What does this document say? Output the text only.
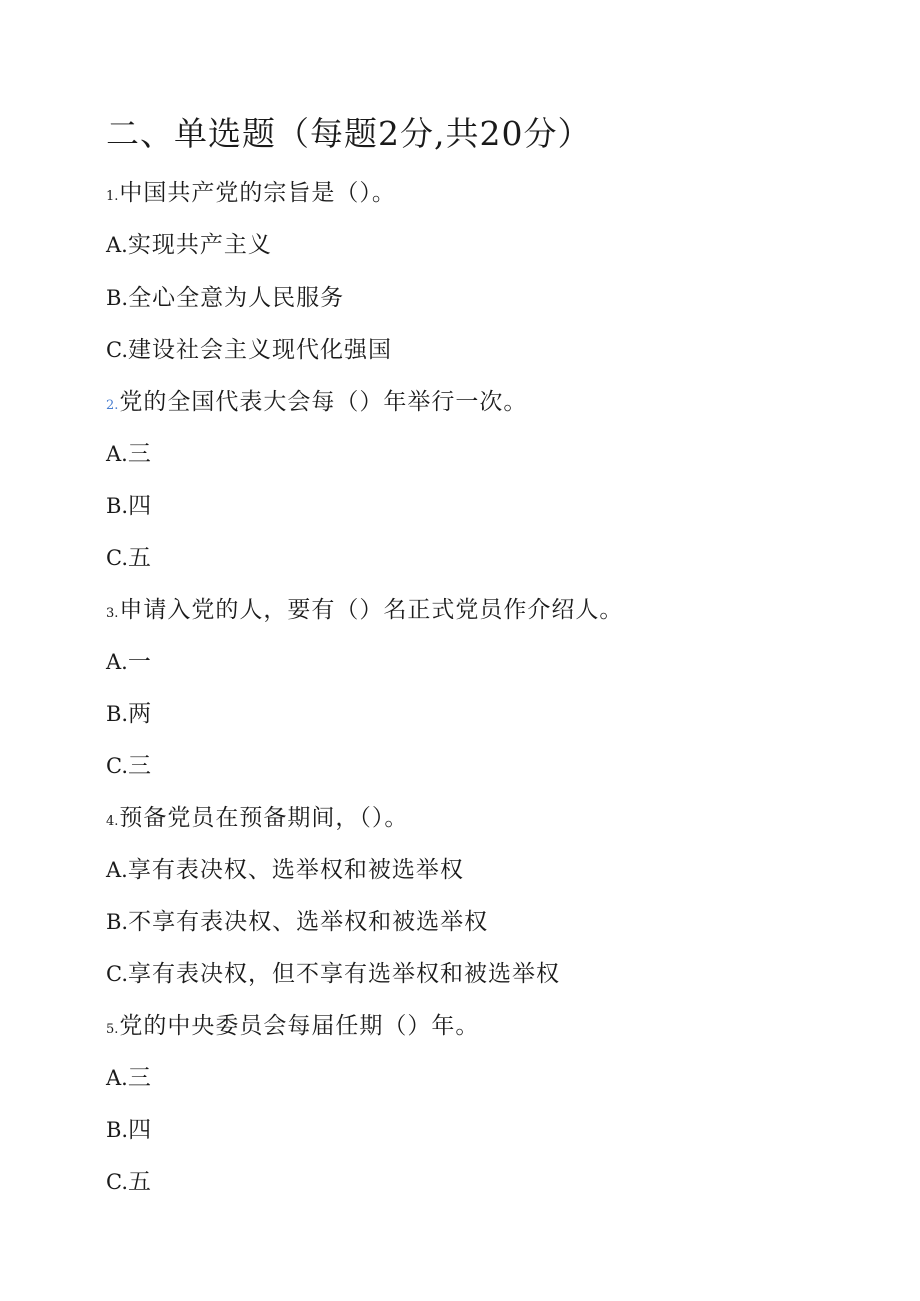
二、单选题（每题2分,共20分）
1.中国共产党的宗旨是（）。
A.实现共产主义
B.全心全意为人民服务
C.建设社会主义现代化强国
2.党的全国代表大会每（）年举行一次。
A.三
B.四
C.五
3.申请入党的人，要有（）名正式党员作介绍人。
A.一
B.两
C.三
4.预备党员在预备期间，（）。
A.享有表决权、选举权和被选举权
B.不享有表决权、选举权和被选举权
C.享有表决权，但不享有选举权和被选举权
5.党的中央委员会每届任期（）年。
A.三
B.四
C.五
